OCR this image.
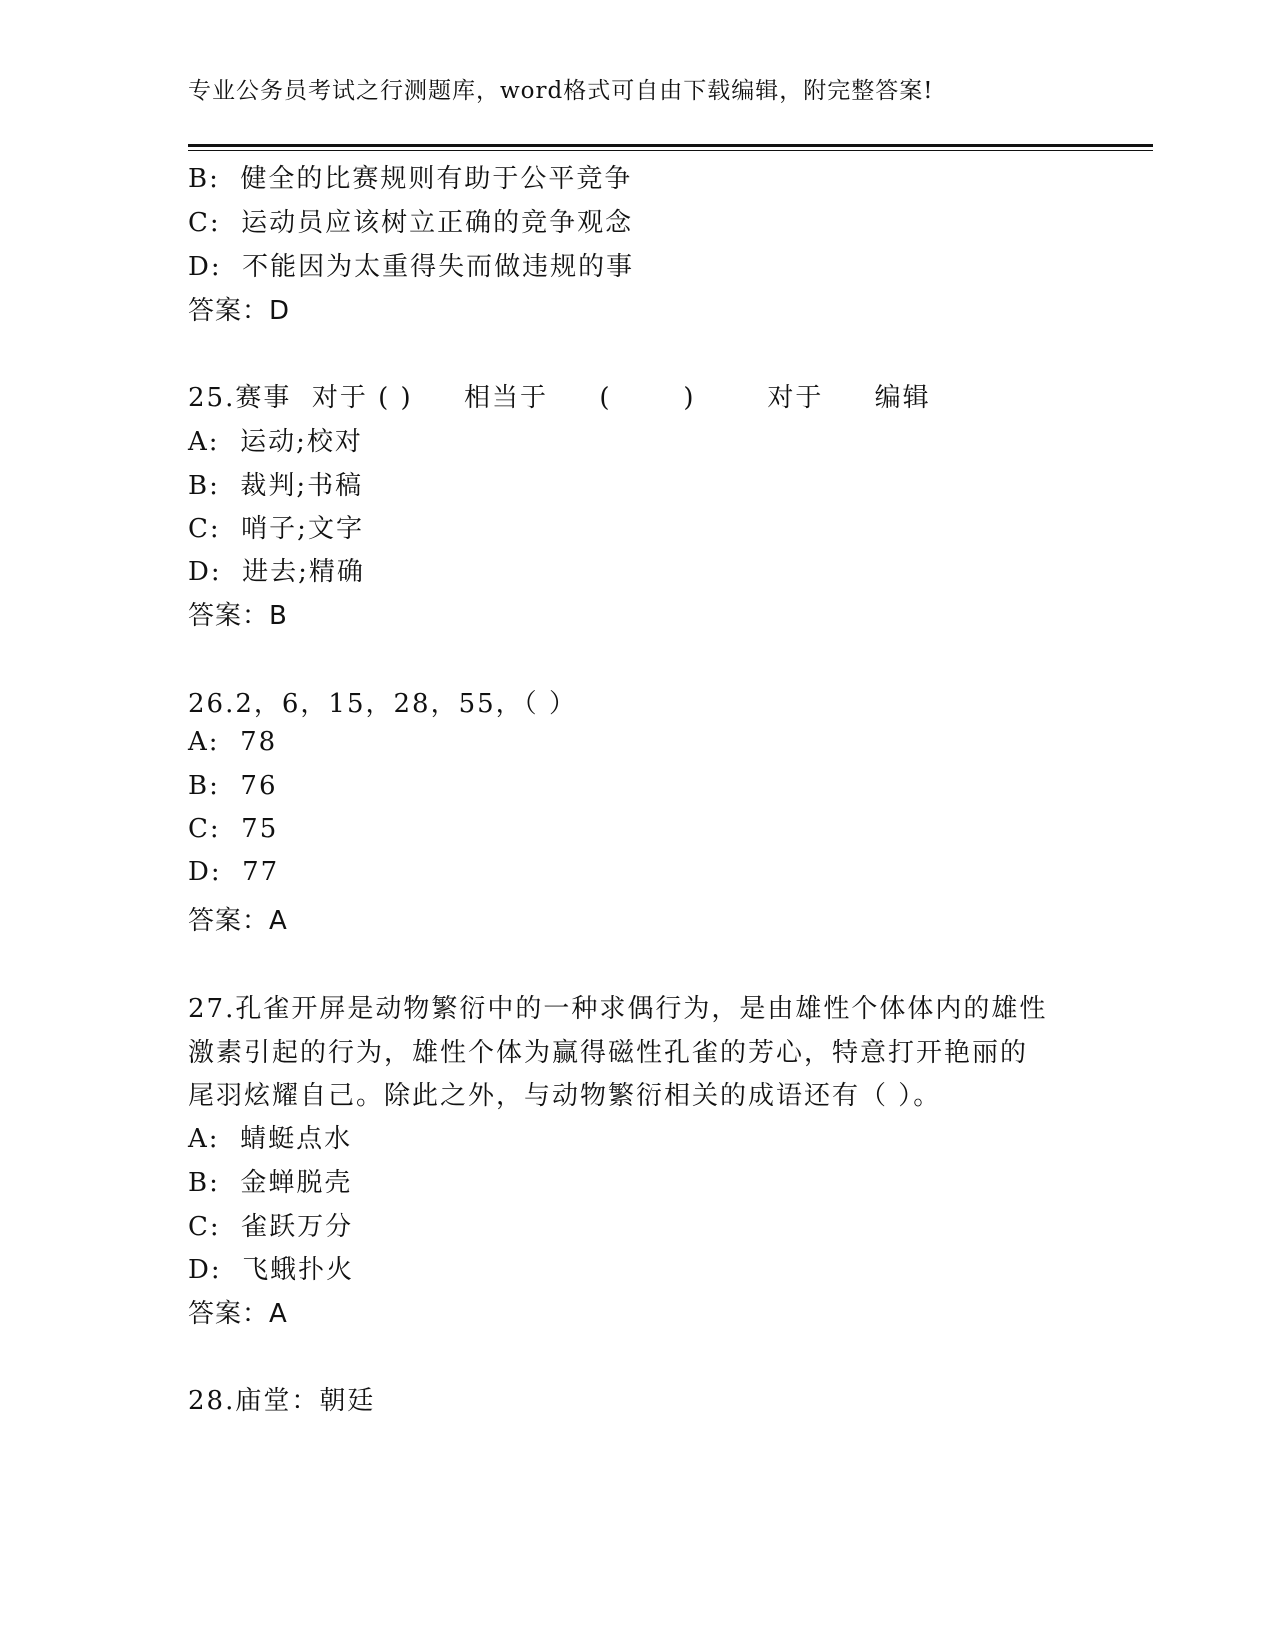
专业公务员考试之行测题库，word格式可自由下载编辑，附完整答案!
B:  健全的比赛规则有助于公平竞争
C:  运动员应该树立正确的竞争观念
D:  不能因为太重得失而做违规的事
答案：D
25.赛事  对于 ( )     相当于     (       )       对于     编辑
A:  运动;校对
B:  裁判;书稿
C:  哨子;文字
D:  进去;精确
答案：B
26.2，6，15，28，55，（ ）
A:  78
B:  76
C:  75
D:  77
答案：A
27.孔雀开屏是动物繁衍中的一种求偶行为，是由雄性个体体内的雄性
激素引起的行为，雄性个体为赢得磁性孔雀的芳心，特意打开艳丽的
尾羽炫耀自己。除此之外，与动物繁衍相关的成语还有（ ）。
A:  蜻蜓点水
B:  金蝉脱壳
C:  雀跃万分
D:  飞蛾扑火
答案：A
28.庙堂：朝廷
